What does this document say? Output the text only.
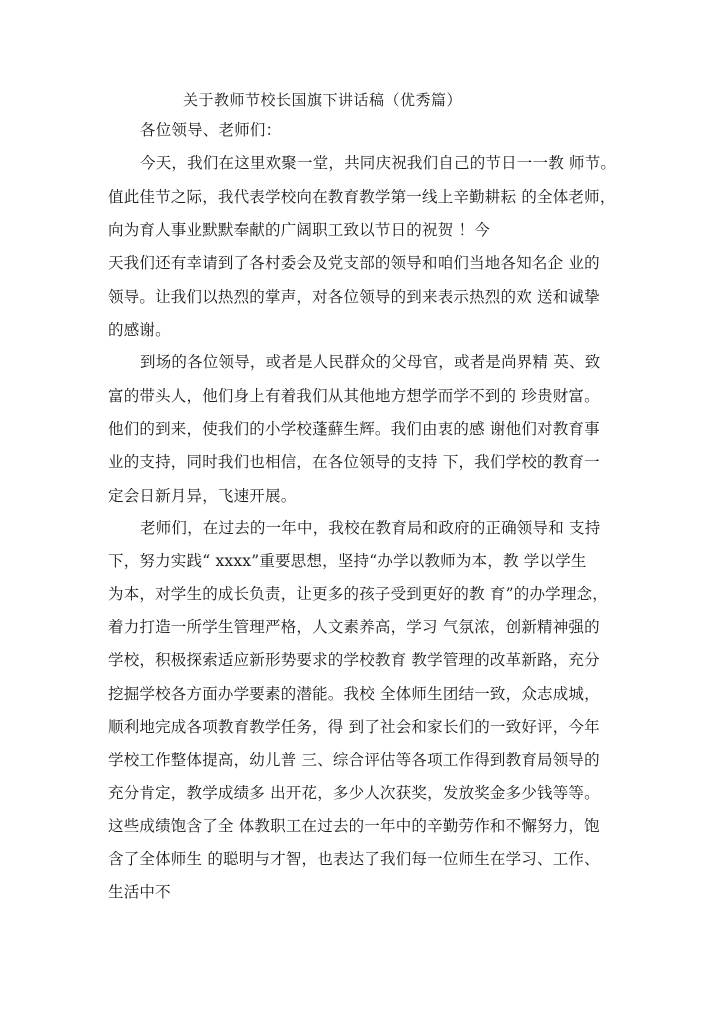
关于教师节校长国旗下讲话稿（优秀篇）
各位领导、老师们：
今天，我们在这里欢聚一堂，共同庆祝我们自己的节日一一教 师节。
值此佳节之际，我代表学校向在教育教学第一线上辛勤耕耘 的全体老师，
向为育人事业默默奉献的广阔职工致以节日的祝贺 ！今
天我们还有幸请到了各村委会及党支部的领导和咱们当地各知名企 业的
领导。让我们以热烈的掌声，对各位领导的到来表示热烈的欢 送和诚挚
的感谢。
到场的各位领导，或者是人民群众的父母官，或者是尚界精 英、致
富的带头人，他们身上有着我们从其他地方想学而学不到的 珍贵财富。
他们的到来，使我们的小学校蓬蘚生辉。我们由衷的感 谢他们对教育事
业的支持，同时我们也相信，在各位领导的支持 下，我们学校的教育一
定会日新月异，飞速开展。
老师们，在过去的一年中，我校在教育局和政府的正确领导和 支持
下，努力实践“ xxxx”重要思想，坚持“办学以教师为本，教 学以学生
为本，对学生的成长负责，让更多的孩子受到更好的教 育”的办学理念，
着力打造一所学生管理严格，人文素养高，学习 气氛浓，创新精神强的
学校，积极探索适应新形势要求的学校教育 教学管理的改革新路，充分
挖掘学校各方面办学要素的潜能。我校 全体师生团结一致，众志成城，
顺利地完成各项教育教学任务，得 到了社会和家长们的一致好评，今年
学校工作整体提高，幼儿普 三、综合评估等各项工作得到教育局领导的
充分肯定，教学成绩多 出开花，多少人次获奖，发放奖金多少钱等等。
这些成绩饱含了全 体教职工在过去的一年中的辛勤劳作和不懈努力，饱
含了全体师生 的聪明与才智，也表达了我们每一位师生在学习、工作、
生活中不
